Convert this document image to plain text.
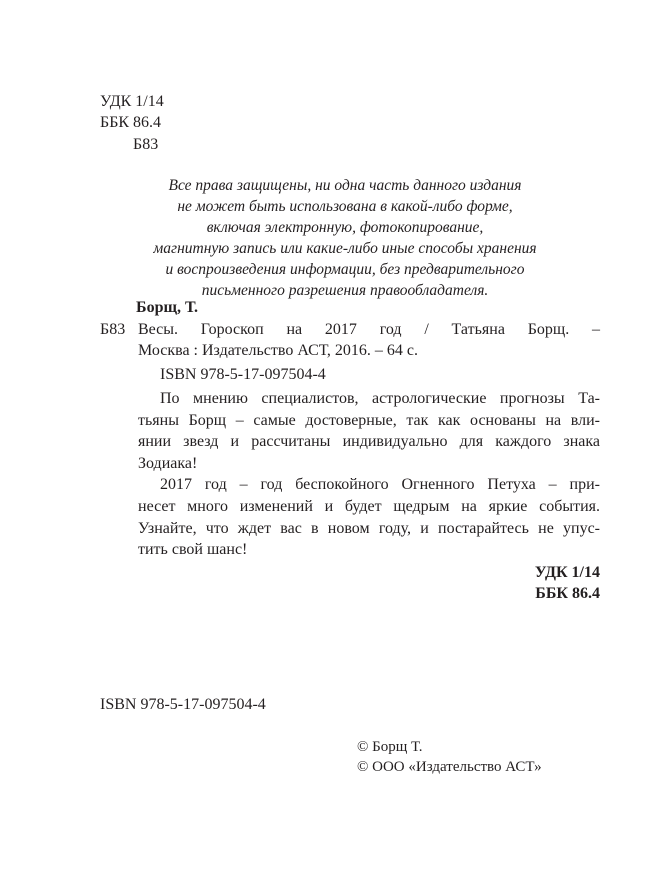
УДК 1/14
ББК 86.4
Б83
Все права защищены, ни одна часть данного издания
не может быть использована в какой-либо форме,
включая электронную, фотокопирование,
магнитную запись или какие-либо иные способы хранения
и воспроизведения информации, без предварительного
письменного разрешения правообладателя.
Борщ, Т.
Б83 Весы. Гороскоп на 2017 год / Татьяна Борщ. –
Москва : Издательство АСТ, 2016. – 64 с.
ISBN 978-5-17-097504-4
По мнению специалистов, астрологические прогнозы Та-
тьяны Борщ – самые достоверные, так как основаны на вли-
янии звезд и рассчитаны индивидуально для каждого знака
Зодиака!
2017 год – год беспокойного Огненного Петуха – при-
несет много изменений и будет щедрым на яркие события.
Узнайте, что ждет вас в новом году, и постарайтесь не упус-
тить свой шанс!
УДК 1/14
ББК 86.4
ISBN 978-5-17-097504-4
© Борщ Т.
© ООО «Издательство АСТ»
